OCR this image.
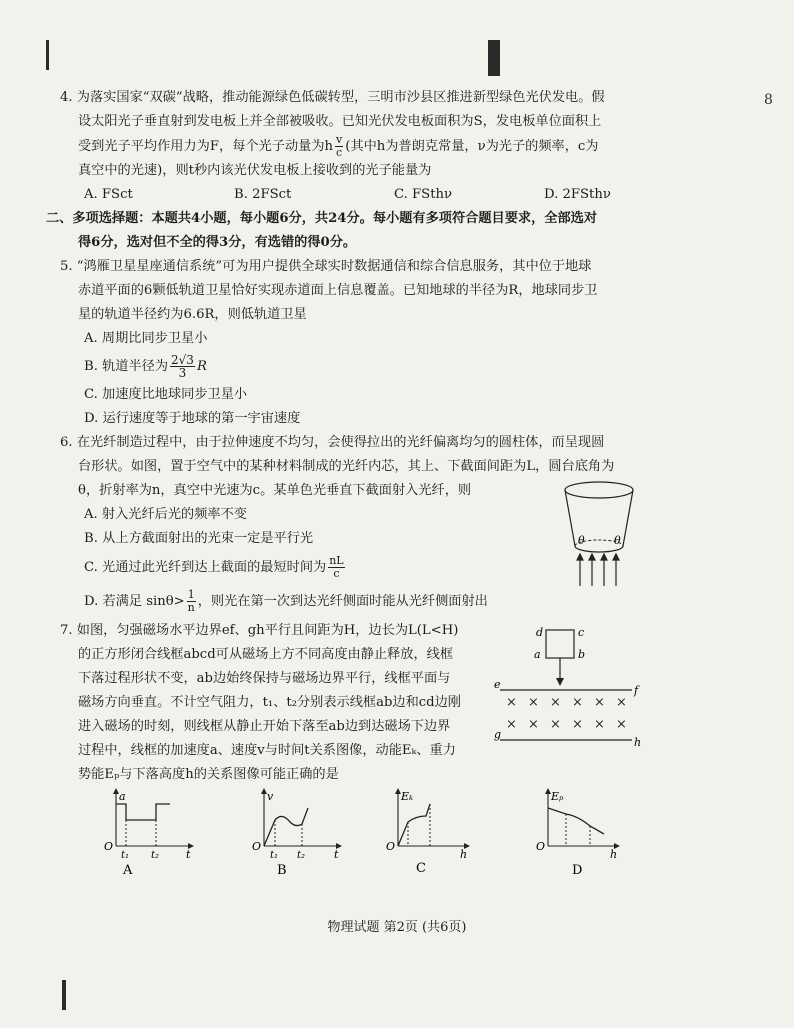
8

4. 为落实国家“双碳”战略，推动能源绿色低碳转型，三明市沙县区推进新型绿色光伏发电。假

设太阳光子垂直射到发电板上并全部被吸收。已知光伏发电板面积为S，发电板单位面积上

受到光子平均作用力为F，每个光子动量为h $\frac{v}{c}$ (其中h为普朗克常量，ν为光子的频率，c为

真空中的光速)，则t秒内该光伏发电板上接收到的光子能量为

A. FSct	B. 2FSct	C. FSthν	D. 2FSthν

二、多项选择题：本题共4小题，每小题6分，共24分。每小题有多项符合题目要求，全部选对

得6分，选对但不全的得3分，有选错的得0分。

5. “鸿雁卫星星座通信系统”可为用户提供全球实时数据通信和综合信息服务，其中位于地球

赤道平面的6颗低轨道卫星恰好实现赤道面上信息覆盖。已知地球的半径为R，地球同步卫

星的轨道半径约为6.6R，则低轨道卫星

A. 周期比同步卫星小

B. 轨道半径为 $\frac{2√3}{3}$ R

C. 加速度比地球同步卫星小

D. 运行速度等于地球的第一宇宙速度

6. 在光纤制造过程中，由于拉伸速度不均匀，会使得拉出的光纤偏离均匀的圆柱体，而呈现圆

台形状。如图，置于空气中的某种材料制成的光纤内芯，其上、下截面间距为L，圆台底角为

θ，折射率为n，真空中光速为c。某单色光垂直下截面射入光纤，则

A. 射入光纤后光的频率不变

B. 从上方截面射出的光束一定是平行光

C. 光通过此光纤到达上截面的最短时间为 $\frac{nL}{c}$

D. 若满足 $\sin\theta> \frac{1}{n}$ ，则光在第一次到达光纤侧面时能从光纤侧面射出

7. 如图，匀强磁场水平边界ef、gh平行且间距为H，边长为L(L<H)

的正方形闭合线框abcd可从磁场上方不同高度由静止释放，线框

下落过程形状不变，ab边始终保持与磁场边界平行，线框平面与

磁场方向垂直。不计空气阻力，t₁、t₂分别表示线框ab边和cd边刚

进入磁场的时刻，则线框从静止开始下落至ab边到达磁场下边界

过程中，线框的加速度a、速度v与时间t关系图像，动能Eₖ、重力

势能Eₚ与下落高度h的关系图像可能正确的是

θ	θ
d	c
a	b
e	f
× × × × × ×
× × × × × ×
g
h
a
t
O
t₁ t₂
A
v
t
O
t₁ t₂
B
Eₖ
h
O
C
Eₚ
h
O
D
物理试题 第2页 (共6页)
